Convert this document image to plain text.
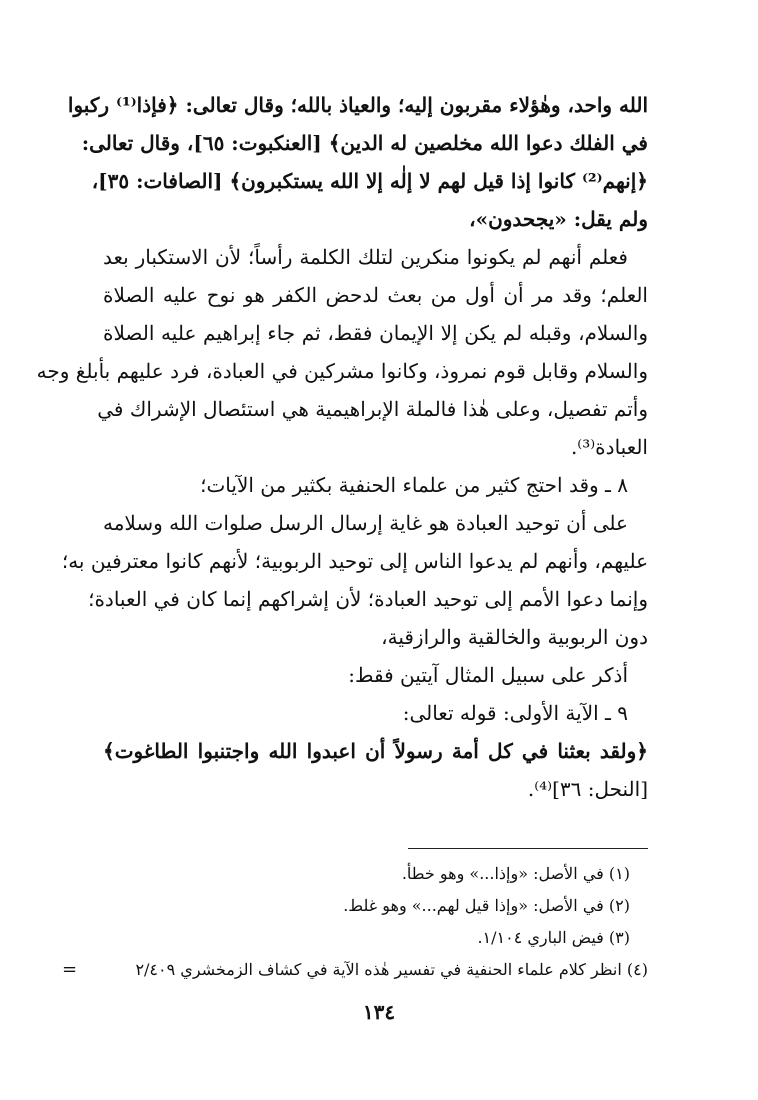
الله واحد، وهٰؤلاء مقربون إليه؛ والعياذ بالله؛ وقال تعالى: ﴿فإذا⁽¹⁾ ركبوا
في الفلك دعوا الله مخلصين له الدين﴾ [العنكبوت: ٦٥]، وقال تعالى:
﴿إنهم⁽²⁾ كانوا إذا قيل لهم لا إلٰه إلا الله يستكبرون﴾ [الصافات: ٣٥]،
ولم يقل: «يجحدون»،

فعلم أنهم لم يكونوا منكرين لتلك الكلمة رأساً؛ لأن الاستكبار بعد
العلم؛ وقد مر أن أول من بعث لدحض الكفر هو نوح عليه الصلاة
والسلام، وقبله لم يكن إلا الإيمان فقط، ثم جاء إبراهيم عليه الصلاة
والسلام وقابل قوم نمروذ، وكانوا مشركين في العبادة، فرد عليهم بأبلغ وجه
وأتم تفصيل، وعلى هٰذا فالملة الإبراهيمية هي استئصال الإشراك في
العبادة⁽³⁾.

٨ ـ وقد احتج كثير من علماء الحنفية بكثير من الآيات؛
على أن توحيد العبادة هو غاية إرسال الرسل صلوات الله وسلامه
عليهم، وأنهم لم يدعوا الناس إلى توحيد الربوبية؛ لأنهم كانوا معترفين به؛
وإنما دعوا الأمم إلى توحيد العبادة؛ لأن إشراكهم إنما كان في العبادة؛
دون الربوبية والخالقية والرازقية،
أذكر على سبيل المثال آيتين فقط:

٩ ـ الآية الأولى: قوله تعالى:
﴿ولقد بعثنا في كل أمة رسولاً أن اعبدوا الله واجتنبوا الطاغوت﴾
[النحل: ٣٦]⁽⁴⁾.

(١) في الأصل: «وإذا...» وهو خطأ.
(٢) في الأصل: «وإذا قيل لهم...» وهو غلط.
(٣) فيض الباري ١/١٠٤.
(٤) انظر كلام علماء الحنفية في تفسير هٰذه الآية في كشاف الزمخشري ٢/٤٠٩
=
١٣٤
